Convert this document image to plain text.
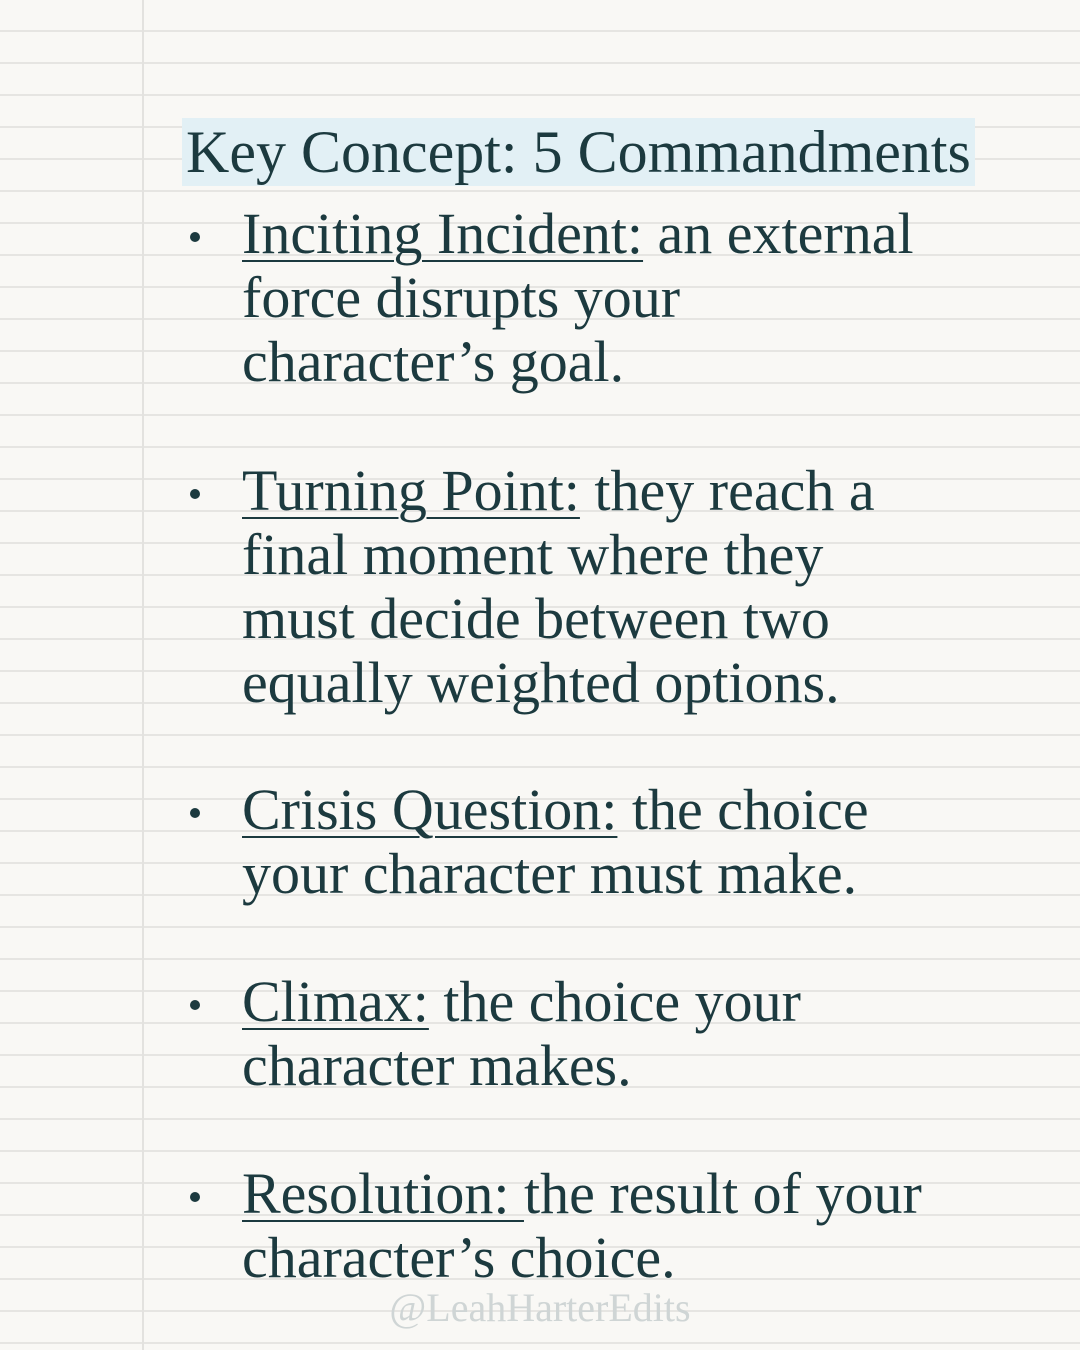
Key Concept: 5 Commandments
Inciting Incident: an external force disrupts your character’s goal.
Turning Point: they reach a final moment where they must decide between two equally weighted options.
Crisis Question: the choice your character must make.
Climax: the choice your character makes.
Resolution: the result of your character’s choice.
@LeahHarterEdits
